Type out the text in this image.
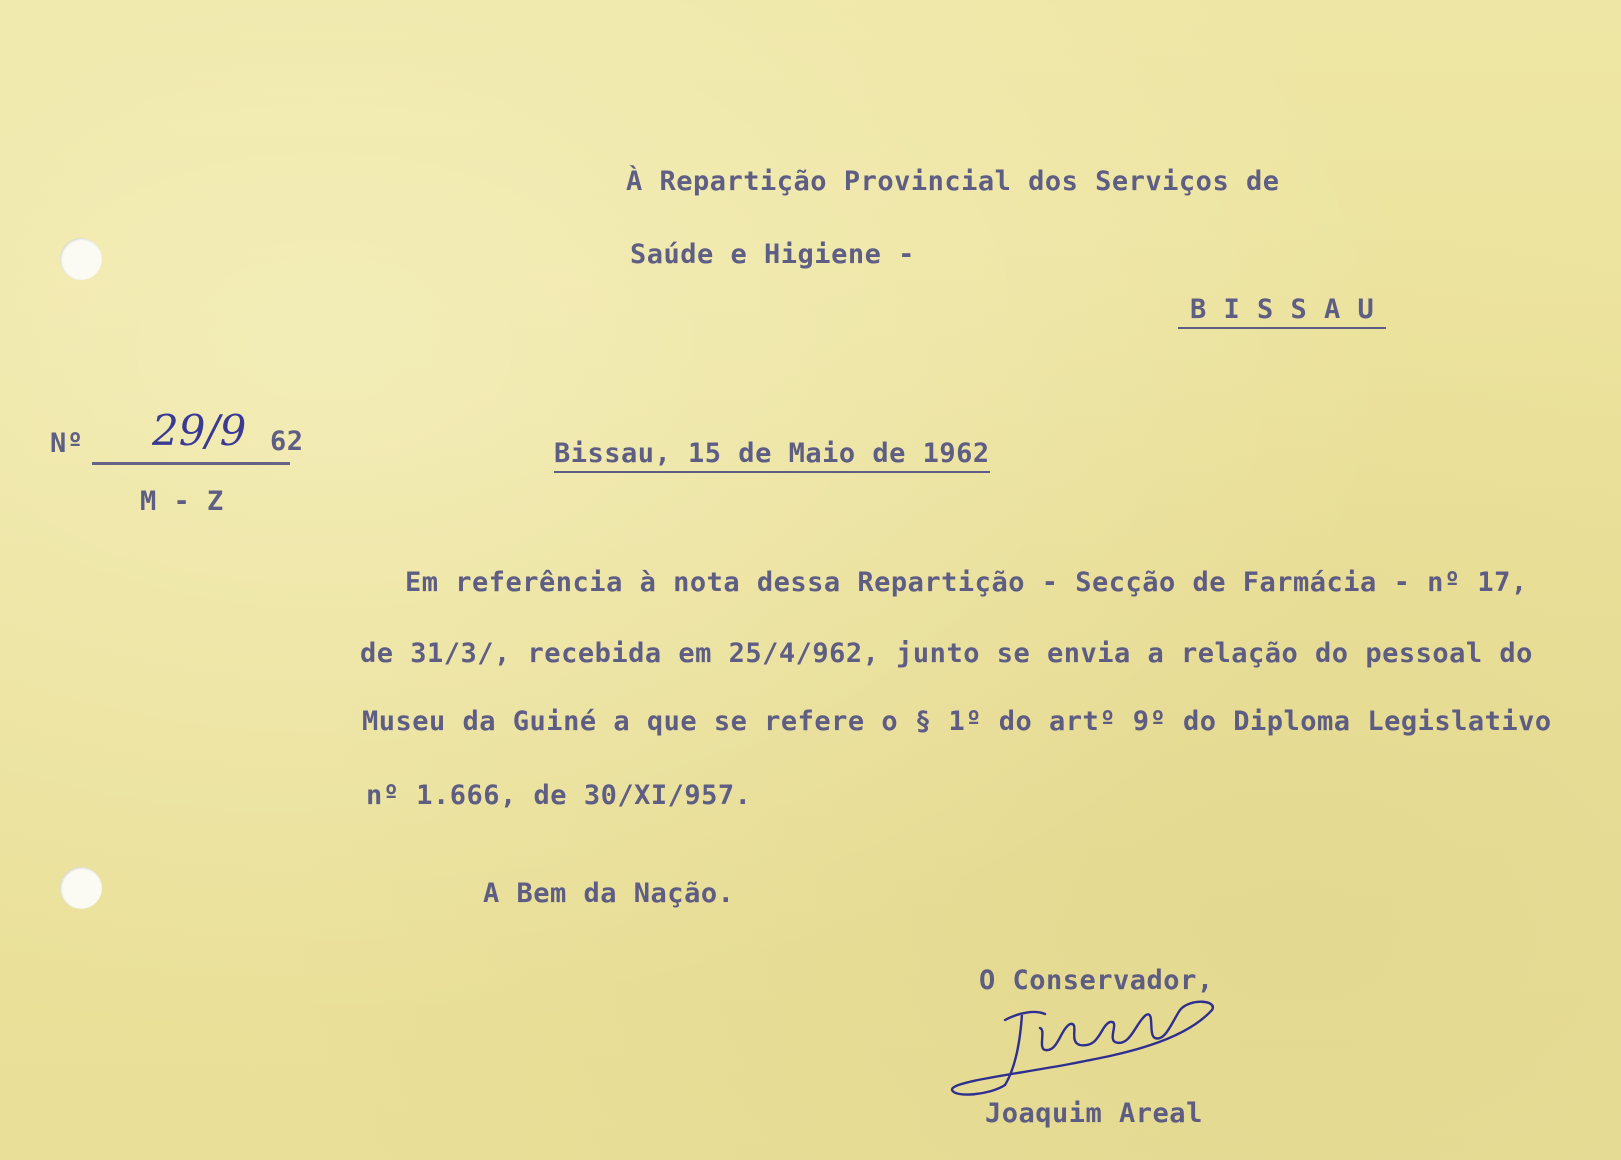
À Repartição Provincial dos Serviços de
Saúde e Higiene -
B I S S A U
Nº 29/9 62
M - Z
Bissau, 15 de Maio de 1962
Em referência à nota dessa Repartição - Secção de Farmácia - nº 17,
de 31/3/, recebida em 25/4/962, junto se envia a relação do pessoal do
Museu da Guiné a que se refere o § 1º do artº 9º do Diploma Legislativo
nº 1.666, de 30/XI/957.
A Bem da Nação.
O Conservador,
Joaquim Areal
